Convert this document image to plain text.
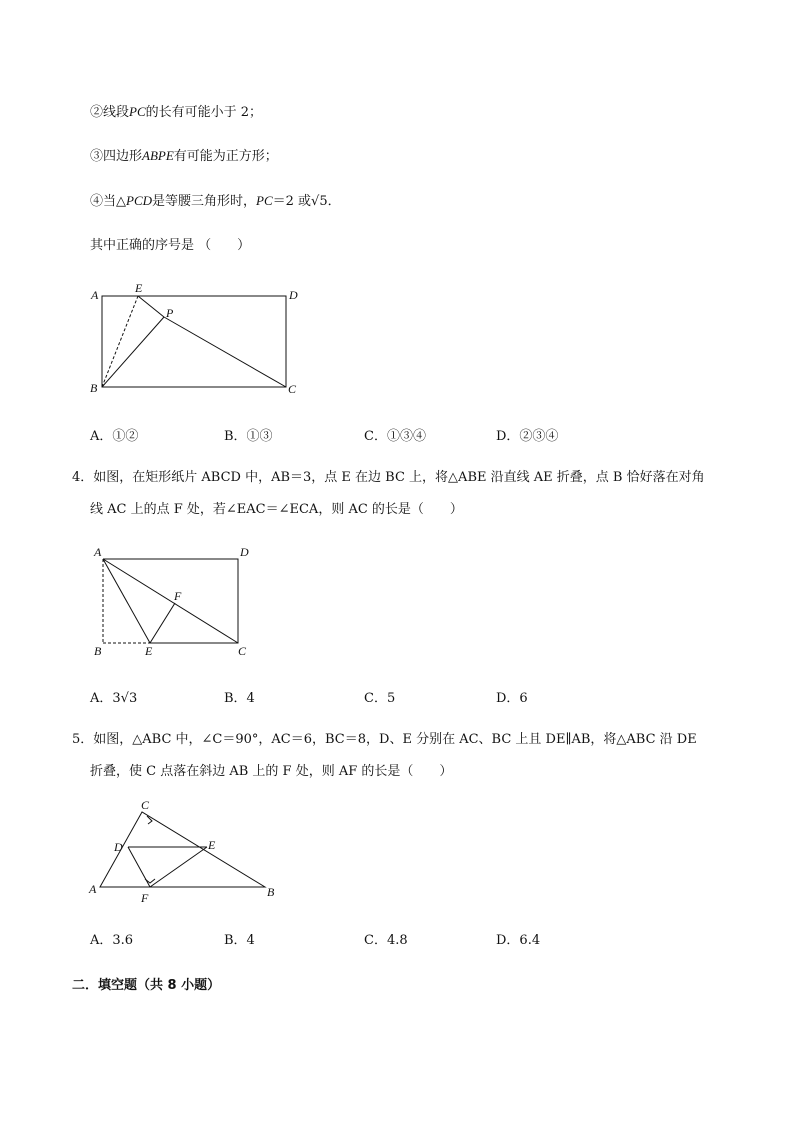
②线段PC的长有可能小于 2；
③四边形ABPE有可能为正方形；
④当△PCD是等腰三角形时，PC＝2 或√5．
其中正确的序号是 （　　）
A	E	D
P
B	C
A．①②	B．①③	C．①③④	D．②③④
4．如图，在矩形纸片 ABCD 中，AB＝3，点 E 在边 BC 上，将△ABE 沿直线 AE 折叠，点 B 恰好落在对角
线 AC 上的点 F 处，若∠EAC＝∠ECA，则 AC 的长是（　　）
A	D
F
B	E	C
A．3√3	B．4	C．5	D．6
5．如图，△ABC 中，∠C＝90°，AC＝6，BC＝8，D、E 分别在 AC、BC 上且 DE∥AB，将△ABC 沿 DE
折叠，使 C 点落在斜边 AB 上的 F 处，则 AF 的长是（　　）
C
D	E
A
F	B
A．3.6	B．4	C．4.8	D．6.4
二．填空题（共 8 小题）
